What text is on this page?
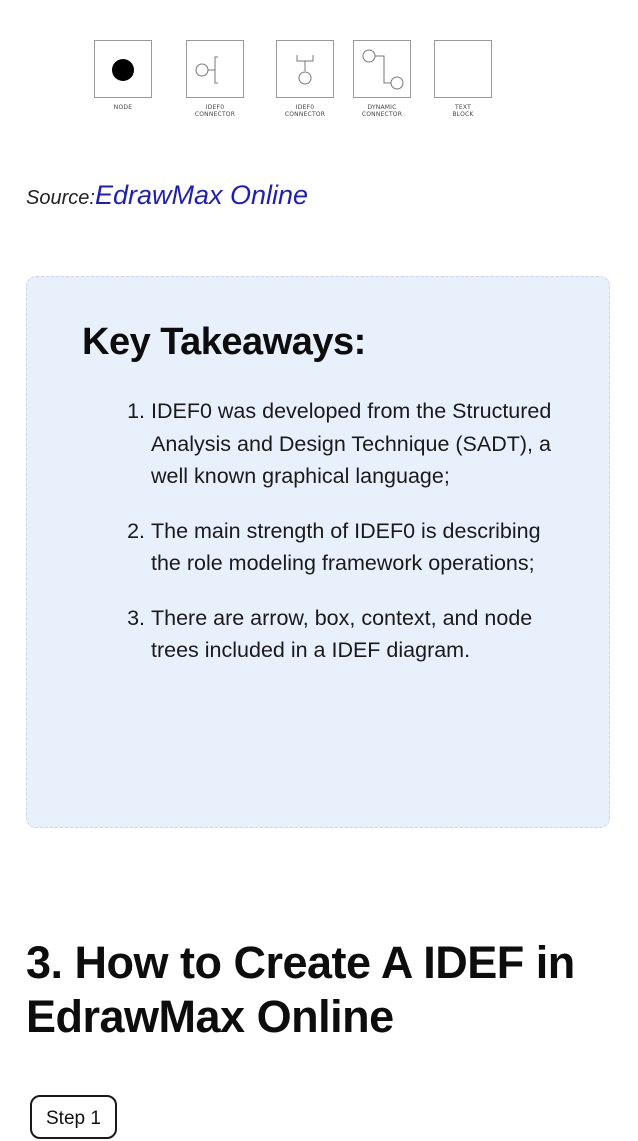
NODE	IDEF0
CONNECTOR
IDEF0
CONNECTOR
DYNAMIC
CONNECTOR
TEXT
BLOCK
Source:EdrawMax Online
Key Takeaways:
1. IDEF0 was developed from the Structured Analysis and Design Technique (SADT), a well known graphical language;
2. The main strength of IDEF0 is describing the role modeling framework operations;
3. There are arrow, box, context, and node trees included in a IDEF diagram.
3. How to Create A IDEF in EdrawMax Online
Step 1
